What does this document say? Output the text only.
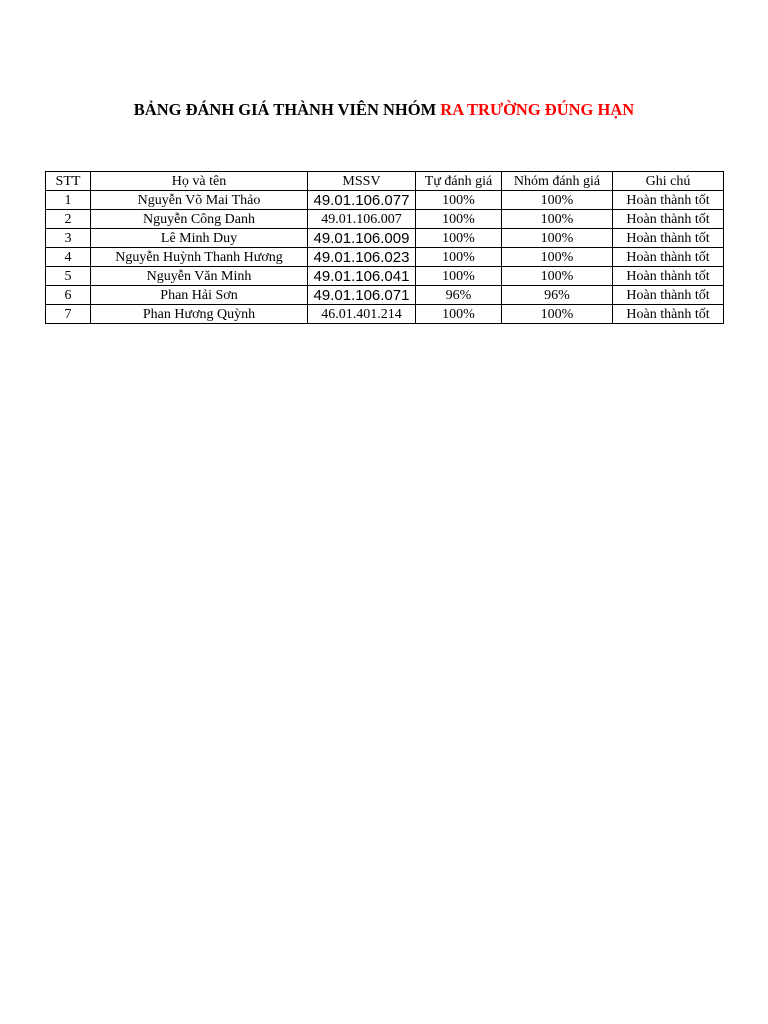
BẢNG ĐÁNH GIÁ THÀNH VIÊN NHÓM RA TRƯỜNG ĐÚNG HẠN
STT	Họ và tên	MSSV	Tự đánh giá	Nhóm đánh giá	Ghi chú
1	Nguyễn Võ Mai Thảo	49.01.106.077	100%	100%	Hoàn thành tốt
2	Nguyễn Công Danh	49.01.106.007	100%	100%	Hoàn thành tốt
3	Lê Minh Duy	49.01.106.009	100%	100%	Hoàn thành tốt
4	Nguyễn Huỳnh Thanh Hương	49.01.106.023	100%	100%	Hoàn thành tốt
5	Nguyễn Văn Minh	49.01.106.041	100%	100%	Hoàn thành tốt
6	Phan Hải Sơn	49.01.106.071	96%	96%	Hoàn thành tốt
7	Phan Hương Quỳnh	46.01.401.214	100%	100%	Hoàn thành tốt
